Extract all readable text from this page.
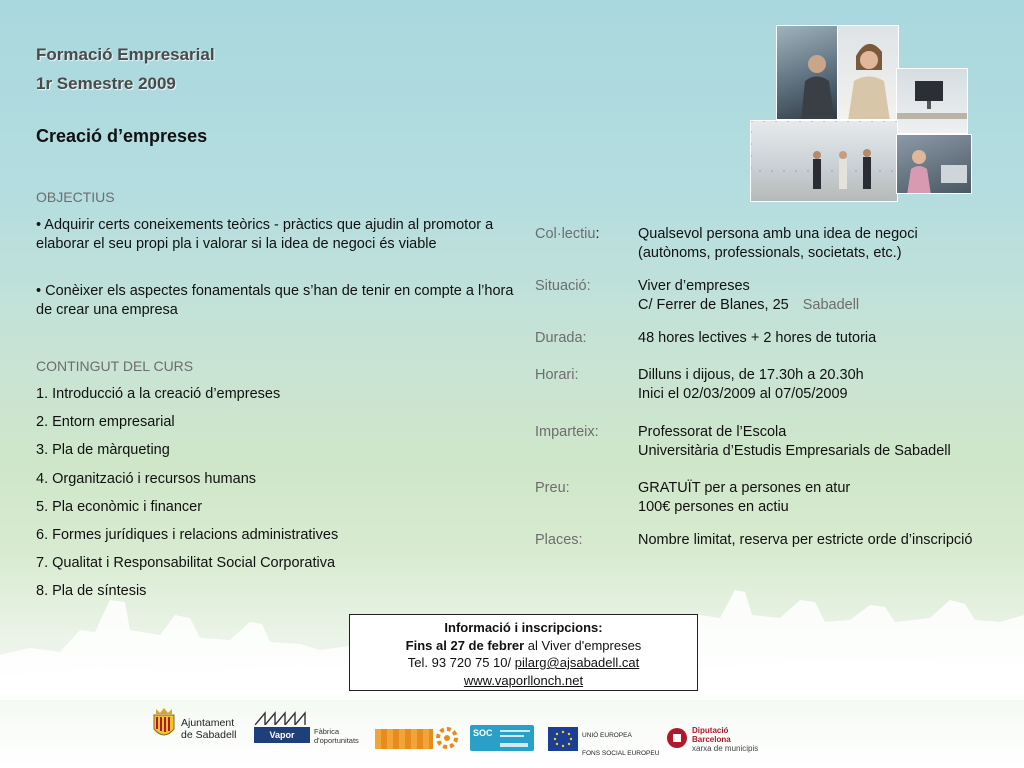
Formació Empresarial
1r Semestre 2009
Creació d’empreses
OBJECTIUS
• Adquirir certs coneixements teòrics - pràctics que ajudin al promotor a elaborar el seu propi pla i valorar si la idea de negoci és viable
• Conèixer els aspectes fonamentals que s’han de tenir en compte a l’hora de crear una empresa
CONTINGUT DEL CURS
1. Introducció a la creació d’empreses
2. Entorn empresarial
3. Pla de màrqueting
4. Organització i recursos humans
5. Pla econòmic i financer
6. Formes jurídiques i relacions administratives
7. Qualitat i Responsabilitat Social Corporativa
8. Pla de síntesis
Col·lectiu:	Qualsevol persona amb una idea de negoci
(autònoms, professionals, societats, etc.)
Situació:	Viver d’empreses
C/ Ferrer de Blanes, 25 Sabadell
Durada:	48 hores lectives + 2 hores de tutoria
Horari:	Dilluns i dijous, de 17.30h a 20.30h
Inici el 02/03/2009 al 07/05/2009
Imparteix:	Professorat de l’Escola
Universitària d’Estudis Empresarials de Sabadell
Preu:	GRATUÏT per a persones en atur
100€ persones en actiu
Places:	Nombre limitat, reserva per estricte orde d’inscripció
Informació i inscripcions:
Fins al 27 de febrer al Viver d'empreses
Tel. 93 720 75 10/ pilarg@ajsabadell.cat
www.vaporllonch.net
Ajuntament
de Sabadell	Vapor Llonch
Fàbrica
d'oportunitats
SOC	UNIÓ EUROPEA
FONS SOCIAL EUROPEU
Diputació
Barcelona
xarxa de municipis
